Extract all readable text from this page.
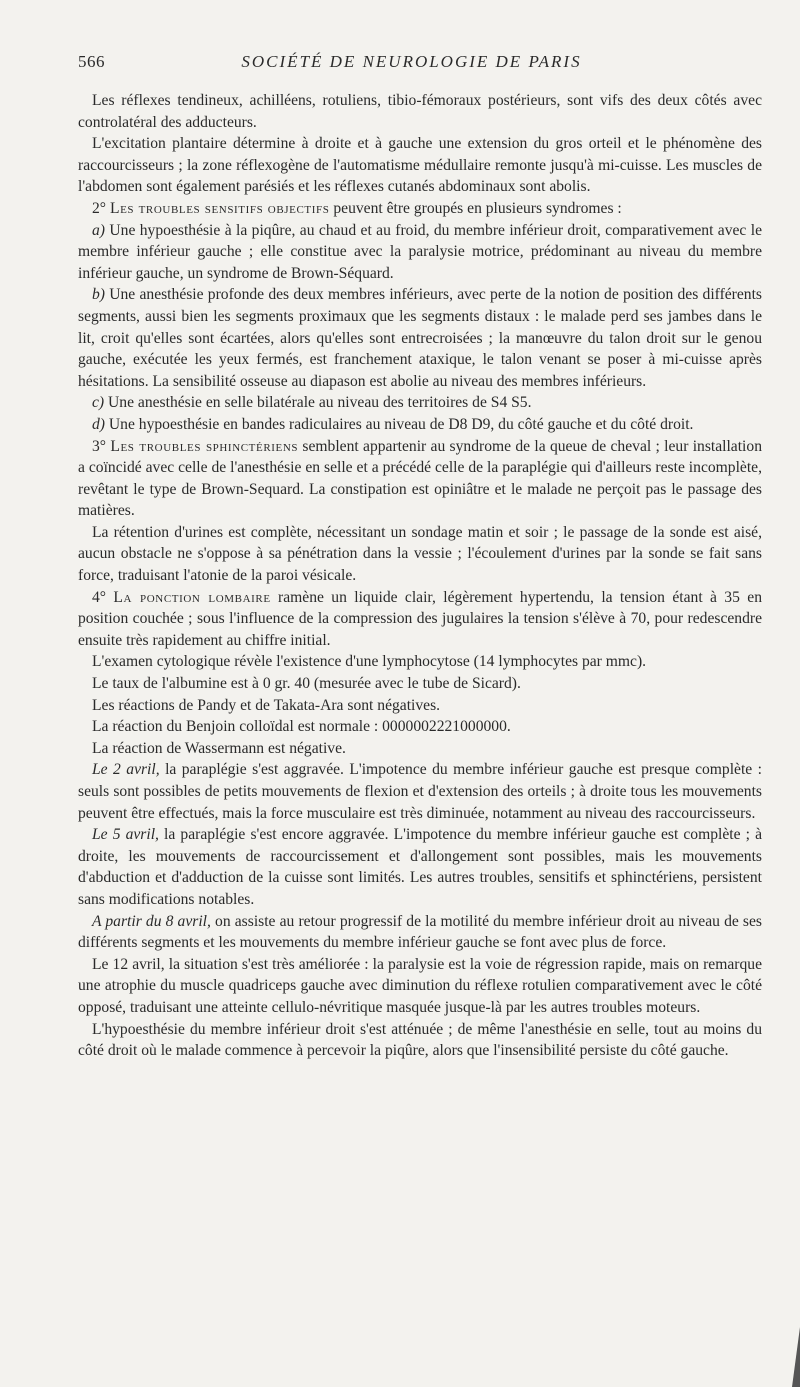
566	SOCIÉTÉ DE NEUROLOGIE DE PARIS

Les réflexes tendineux, achilléens, rotuliens, tibio-fémoraux postérieurs, sont vifs des deux côtés avec controlatéral des adducteurs.

L'excitation plantaire détermine à droite et à gauche une extension du gros orteil et le phénomène des raccourcisseurs ; la zone réflexogène de l'automatisme médullaire remonte jusqu'à mi-cuisse. Les muscles de l'abdomen sont également parésiés et les réflexes cutanés abdominaux sont abolis.

2° Les troubles sensitifs objectifs peuvent être groupés en plusieurs syndromes :

a) Une hypoesthésie à la piqûre, au chaud et au froid, du membre inférieur droit, comparativement avec le membre inférieur gauche ; elle constitue avec la paralysie motrice, prédominant au niveau du membre inférieur gauche, un syndrome de Brown-Séquard.

b) Une anesthésie profonde des deux membres inférieurs, avec perte de la notion de position des différents segments, aussi bien les segments proximaux que les segments distaux : le malade perd ses jambes dans le lit, croit qu'elles sont écartées, alors qu'elles sont entrecroisées ; la manœuvre du talon droit sur le genou gauche, exécutée les yeux fermés, est franchement ataxique, le talon venant se poser à mi-cuisse après hésitations. La sensibilité osseuse au diapason est abolie au niveau des membres inférieurs.

c) Une anesthésie en selle bilatérale au niveau des territoires de S4 S5.

d) Une hypoesthésie en bandes radiculaires au niveau de D8 D9, du côté gauche et du côté droit.

3° Les troubles sphinctériens semblent appartenir au syndrome de la queue de cheval ; leur installation a coïncidé avec celle de l'anesthésie en selle et a précédé celle de la paraplégie qui d'ailleurs reste incomplète, revêtant le type de Brown-Sequard. La constipation est opiniâtre et le malade ne perçoit pas le passage des matières.

La rétention d'urines est complète, nécessitant un sondage matin et soir ; le passage de la sonde est aisé, aucun obstacle ne s'oppose à sa pénétration dans la vessie ; l'écoulement d'urines par la sonde se fait sans force, traduisant l'atonie de la paroi vésicale.

4° La ponction lombaire ramène un liquide clair, légèrement hypertendu, la tension étant à 35 en position couchée ; sous l'influence de la compression des jugulaires la tension s'élève à 70, pour redescendre ensuite très rapidement au chiffre initial.

L'examen cytologique révèle l'existence d'une lymphocytose (14 lymphocytes par mmc).

Le taux de l'albumine est à 0 gr. 40 (mesurée avec le tube de Sicard).

Les réactions de Pandy et de Takata-Ara sont négatives.

La réaction du Benjoin colloïdal est normale : 0000002221000000.

La réaction de Wassermann est négative.

Le 2 avril, la paraplégie s'est aggravée. L'impotence du membre inférieur gauche est presque complète : seuls sont possibles de petits mouvements de flexion et d'extension des orteils ; à droite tous les mouvements peuvent être effectués, mais la force musculaire est très diminuée, notamment au niveau des raccourcisseurs.

Le 5 avril, la paraplégie s'est encore aggravée. L'impotence du membre inférieur gauche est complète ; à droite, les mouvements de raccourcissement et d'allongement sont possibles, mais les mouvements d'abduction et d'adduction de la cuisse sont limités. Les autres troubles, sensitifs et sphinctériens, persistent sans modifications notables.

A partir du 8 avril, on assiste au retour progressif de la motilité du membre inférieur droit au niveau de ses différents segments et les mouvements du membre inférieur gauche se font avec plus de force.

Le 12 avril, la situation s'est très améliorée : la paralysie est la voie de régression rapide, mais on remarque une atrophie du muscle quadriceps gauche avec diminution du réflexe rotulien comparativement avec le côté opposé, traduisant une atteinte cellulo-névritique masquée jusque-là par les autres troubles moteurs.

L'hypoesthésie du membre inférieur droit s'est atténuée ; de même l'anesthésie en selle, tout au moins du côté droit où le malade commence à percevoir la piqûre, alors que l'insensibilité persiste du côté gauche.
